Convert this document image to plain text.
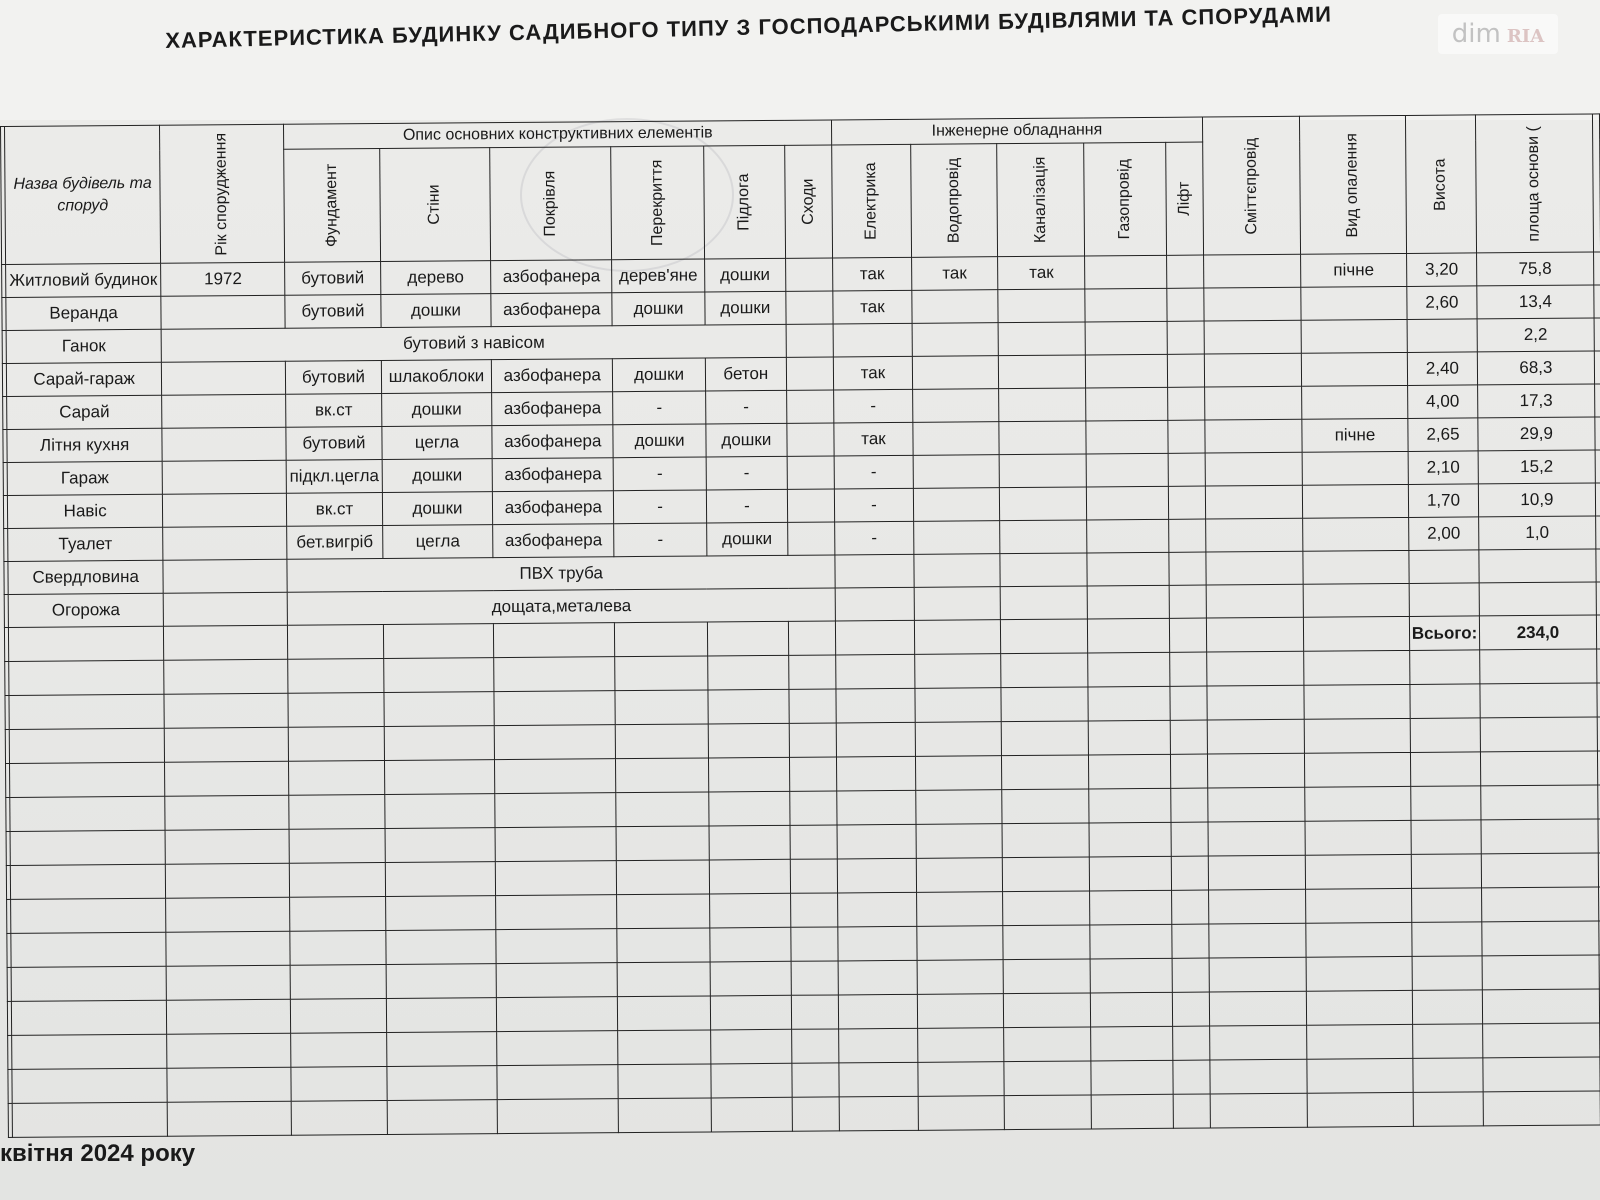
ХАРАКТЕРИСТИКА БУДИНКУ САДИБНОГО ТИПУ З ГОСПОДАРСЬКИМИ БУДІВЛЯМИ ТА СПОРУДАМИ	dim RIA

	Назва будівель та споруд	Рік спорудження	Опис основних конструктивних елементів						Інженерне обладнання					Сміттєпровід	Вид опалення	Висота	площа основи (	
			Фундамент	Стіни	Покрівля	Перекриття	Підлога	Сходи	Електрика	Водопровід	Каналізація	Газопровід	Ліфт					
	Житловий будинок	1972	бутовий	дерево	азбофанера	дерев'яне	дошки		так	так	так				пічне	3,20	75,8	
	Веранда		бутовий	дошки	азбофанера	дошки	дошки		так							2,60	13,4	
	Ганок	бутовий з навісом															2,2	
	Сарай-гараж		бутовий	шлакоблоки	азбофанера	дошки	бетон		так							2,40	68,3	
	Сарай		вк.ст	дошки	азбофанера	-	-		-							4,00	17,3	
	Літня кухня		бутовий	цегла	азбофанера	дошки	дошки		так						пічне	2,65	29,9	
	Гараж		підкл.цегла	дошки	азбофанера	-	-		-							2,10	15,2	
	Навіс		вк.ст	дошки	азбофанера	-	-		-							1,70	10,9	
	Туалет		бет.вигріб	цегла	азбофанера	-	дошки		-							2,00	1,0	
	Свердловина		ПВХ труба															
	Огорожа		дощата,металева															
																Всього:	234,0	

квітня 2024 року
